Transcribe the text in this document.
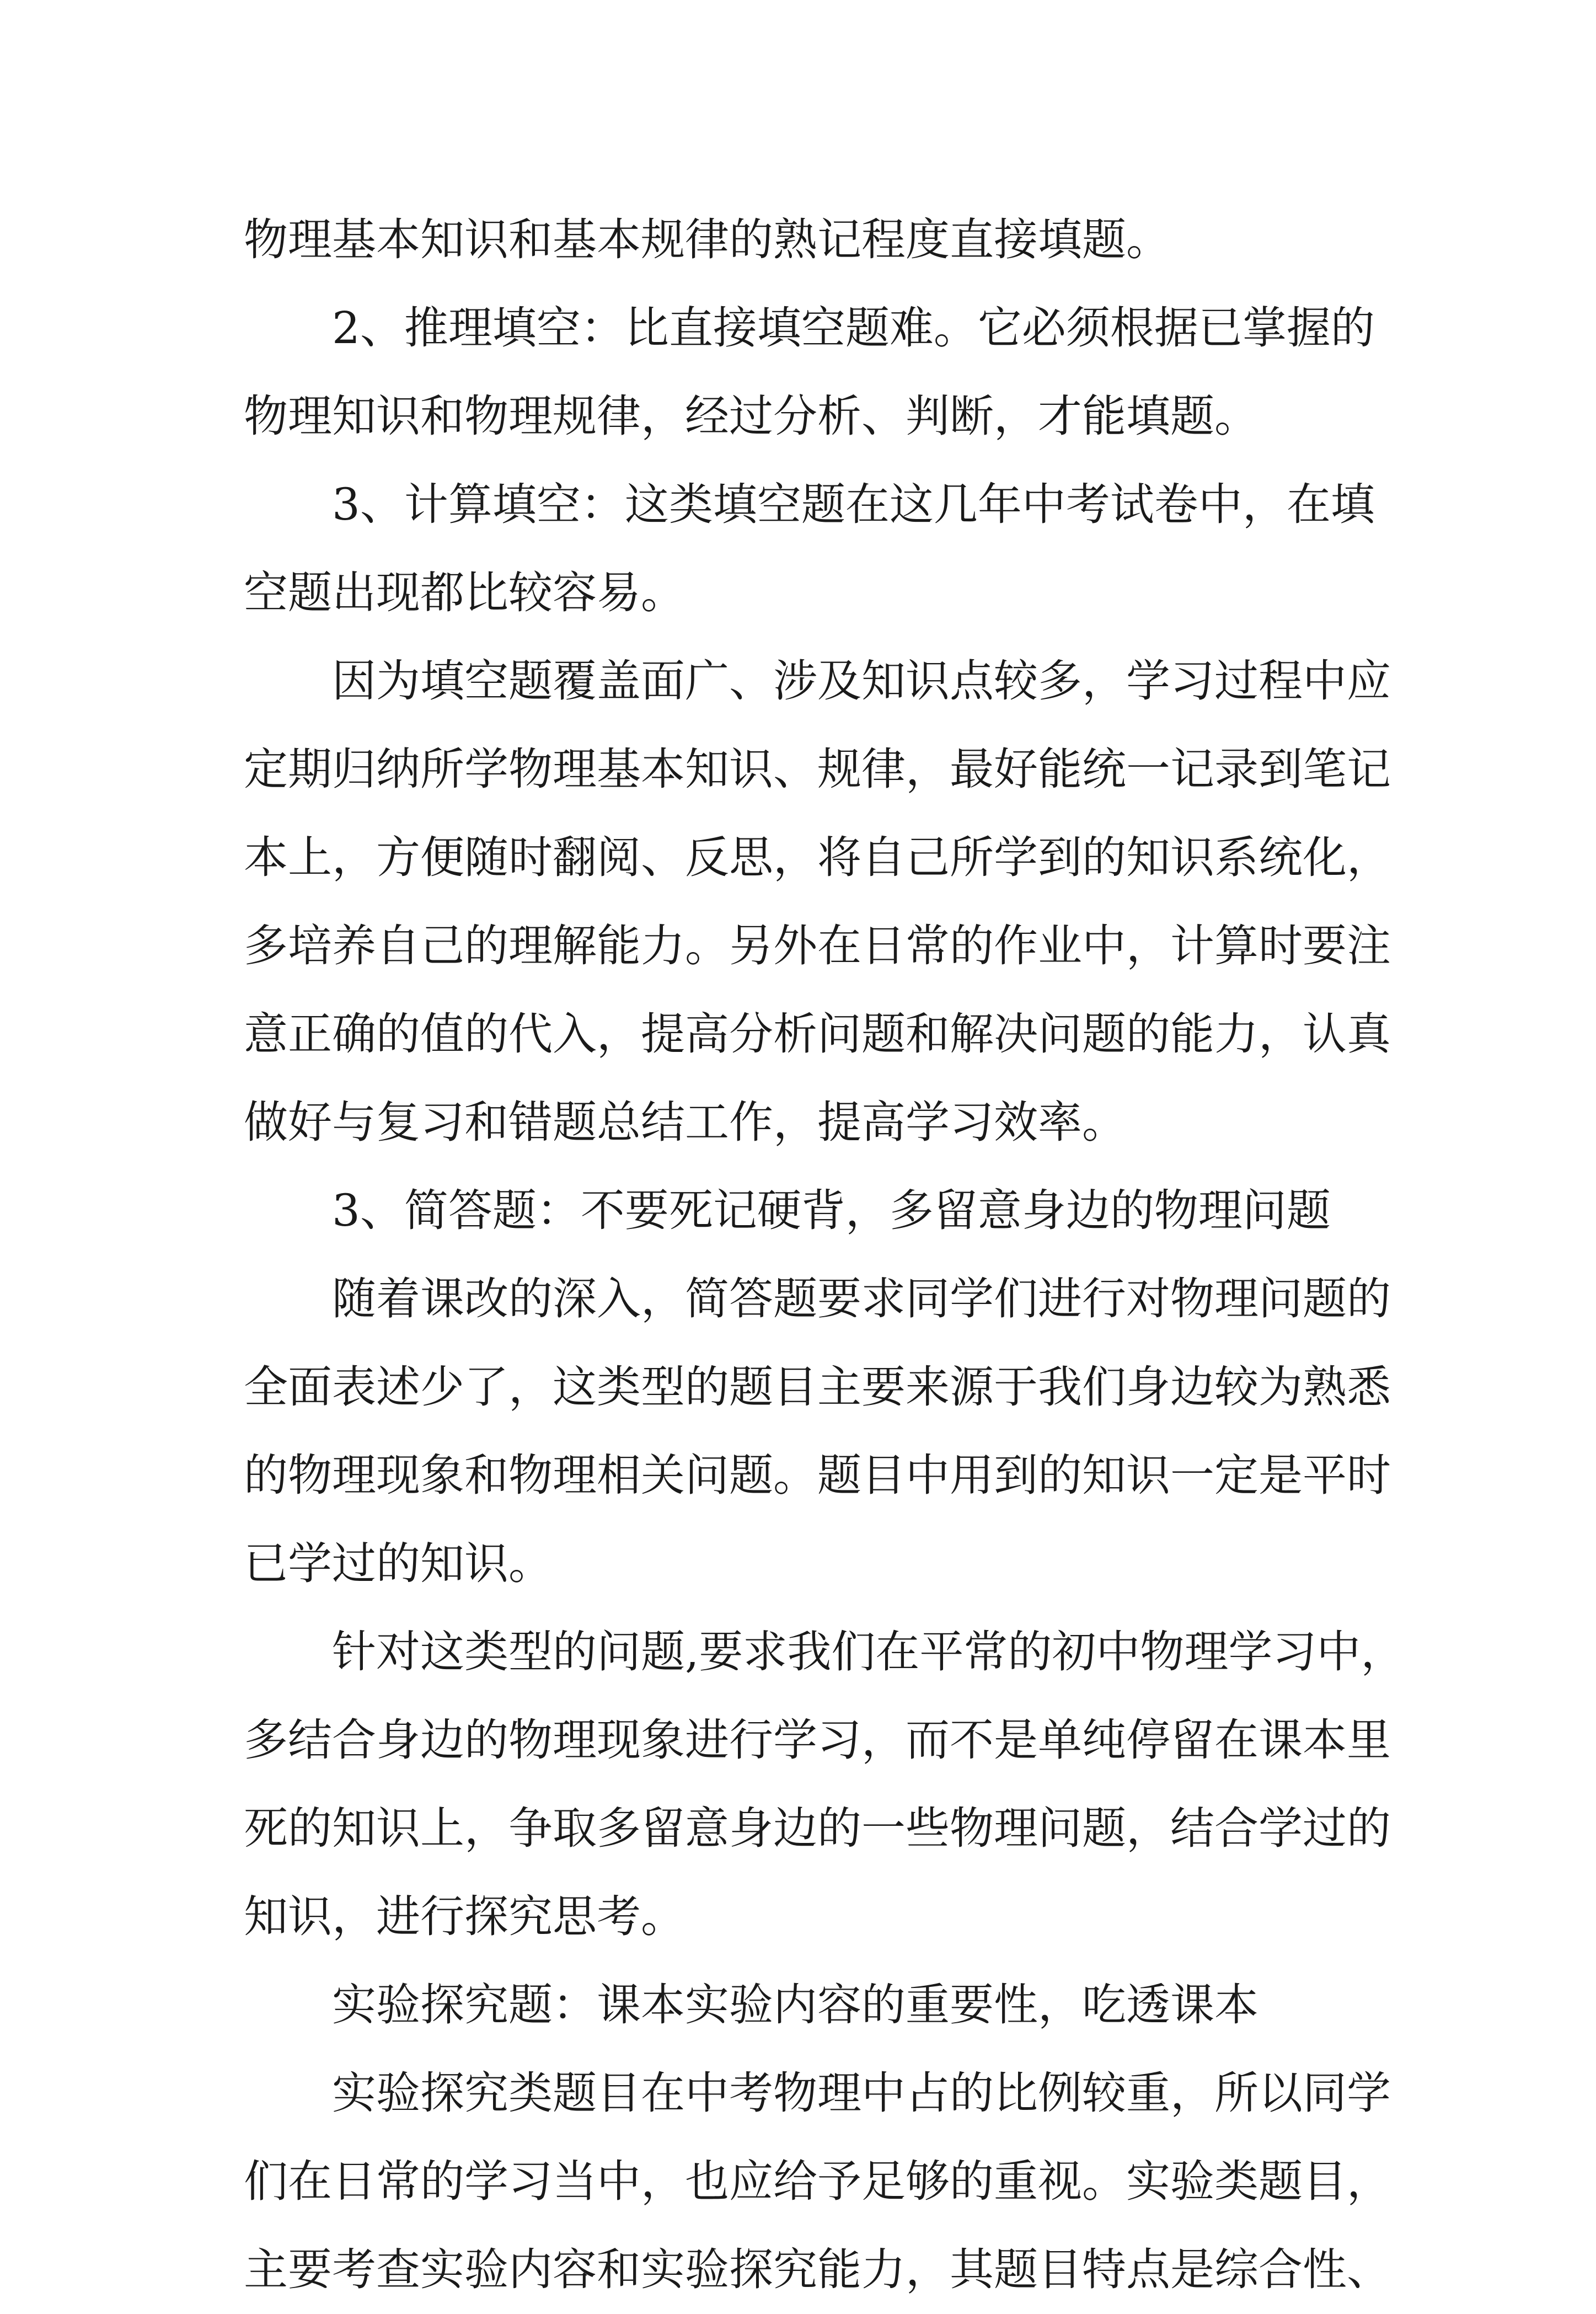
物理基本知识和基本规律的熟记程度直接填题。
2、推理填空：比直接填空题难。它必须根据已掌握的
物理知识和物理规律，经过分析、判断，才能填题。
3、计算填空：这类填空题在这几年中考试卷中，在填
空题出现都比较容易。
因为填空题覆盖面广、涉及知识点较多，学习过程中应
定期归纳所学物理基本知识、规律，最好能统一记录到笔记
本上，方便随时翻阅、反思，将自己所学到的知识系统化，
多培养自己的理解能力。另外在日常的作业中，计算时要注
意正确的值的代入，提高分析问题和解决问题的能力，认真
做好与复习和错题总结工作，提高学习效率。
3、简答题：不要死记硬背，多留意身边的物理问题
随着课改的深入，简答题要求同学们进行对物理问题的
全面表述少了，这类型的题目主要来源于我们身边较为熟悉
的物理现象和物理相关问题。题目中用到的知识一定是平时
已学过的知识。
针对这类型的问题,要求我们在平常的初中物理学习中，
多结合身边的物理现象进行学习，而不是单纯停留在课本里
死的知识上，争取多留意身边的一些物理问题，结合学过的
知识，进行探究思考。
实验探究题：课本实验内容的重要性，吃透课本
实验探究类题目在中考物理中占的比例较重，所以同学
们在日常的学习当中，也应给予足够的重视。实验类题目，
主要考查实验内容和实验探究能力，其题目特点是综合性、
